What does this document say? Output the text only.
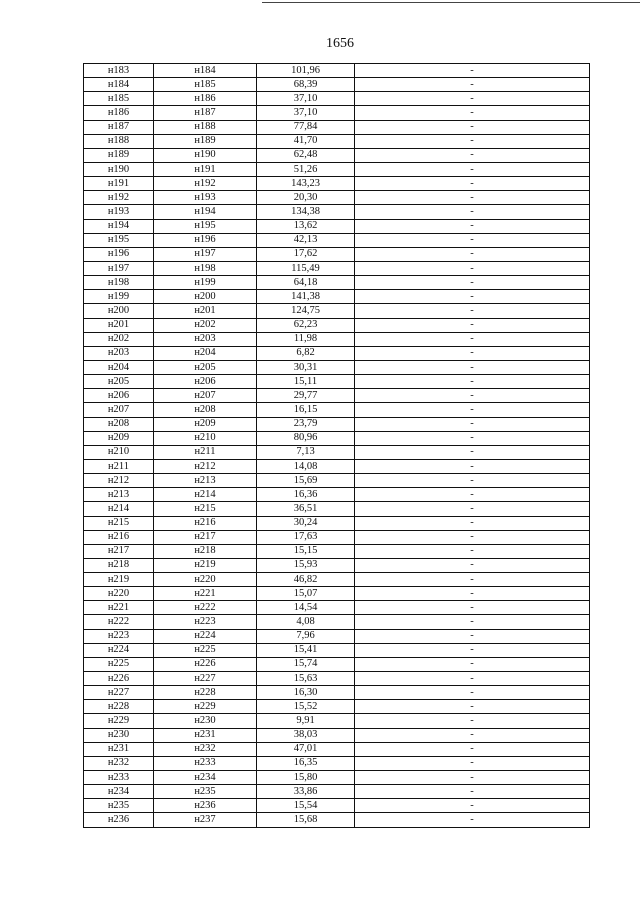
1656
н183	н184	101,96	-
н184	н185	68,39	-
н185	н186	37,10	-
н186	н187	37,10	-
н187	н188	77,84	-
н188	н189	41,70	-
н189	н190	62,48	-
н190	н191	51,26	-
н191	н192	143,23	-
н192	н193	20,30	-
н193	н194	134,38	-
н194	н195	13,62	-
н195	н196	42,13	-
н196	н197	17,62	-
н197	н198	115,49	-
н198	н199	64,18	-
н199	н200	141,38	-
н200	н201	124,75	-
н201	н202	62,23	-
н202	н203	11,98	-
н203	н204	6,82	-
н204	н205	30,31	-
н205	н206	15,11	-
н206	н207	29,77	-
н207	н208	16,15	-
н208	н209	23,79	-
н209	н210	80,96	-
н210	н211	7,13	-
н211	н212	14,08	-
н212	н213	15,69	-
н213	н214	16,36	-
н214	н215	36,51	-
н215	н216	30,24	-
н216	н217	17,63	-
н217	н218	15,15	-
н218	н219	15,93	-
н219	н220	46,82	-
н220	н221	15,07	-
н221	н222	14,54	-
н222	н223	4,08	-
н223	н224	7,96	-
н224	н225	15,41	-
н225	н226	15,74	-
н226	н227	15,63	-
н227	н228	16,30	-
н228	н229	15,52	-
н229	н230	9,91	-
н230	н231	38,03	-
н231	н232	47,01	-
н232	н233	16,35	-
н233	н234	15,80	-
н234	н235	33,86	-
н235	н236	15,54	-
н236	н237	15,68	-
